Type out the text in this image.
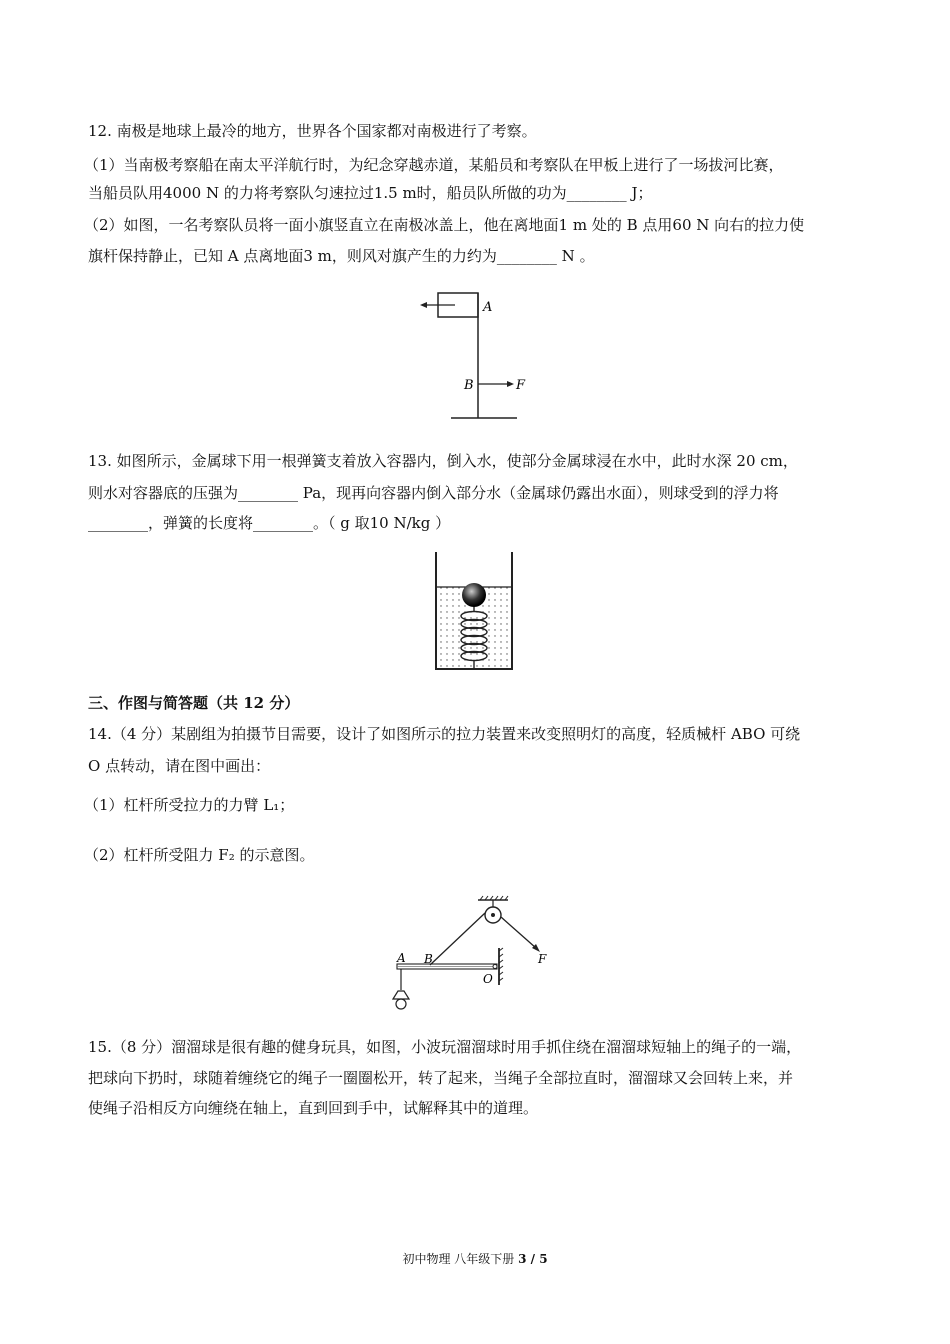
12. 南极是地球上最冷的地方，世界各个国家都对南极进行了考察。
（1）当南极考察船在南太平洋航行时，为纪念穿越赤道，某船员和考察队在甲板上进行了一场拔河比赛，
当船员队用4000 N 的力将考察队匀速拉过1.5 m时，船员队所做的功为________ J；
（2）如图，一名考察队员将一面小旗竖直立在南极冰盖上，他在离地面1 m 处的 B 点用60 N 向右的拉力使
旗杆保持静止，已知 A 点离地面3 m，则风对旗产生的力约为________ N 。
A
B	F
13. 如图所示，金属球下用一根弹簧支着放入容器内，倒入水，使部分金属球浸在水中，此时水深 20 cm，
则水对容器底的压强为________ Pa，现再向容器内倒入部分水（金属球仍露出水面），则球受到的浮力将
________，弹簧的长度将________。（ g 取10 N/kg ）
三、作图与简答题（共 12 分）
14.（4 分）某剧组为拍摄节目需要，设计了如图所示的拉力装置来改变照明灯的高度，轻质械杆 ABO 可绕
O 点转动，请在图中画出：
（1）杠杆所受拉力的力臂 L₁；
（2）杠杆所受阻力 F₂ 的示意图。
A B
O
F
15.（8 分）溜溜球是很有趣的健身玩具，如图，小波玩溜溜球时用手抓住绕在溜溜球短轴上的绳子的一端，
把球向下扔时，球随着缠绕它的绳子一圈圈松开，转了起来，当绳子全部拉直时，溜溜球又会回转上来，并
使绳子沿相反方向缠绕在轴上，直到回到手中，试解释其中的道理。
初中物理 八年级下册 3 / 5
